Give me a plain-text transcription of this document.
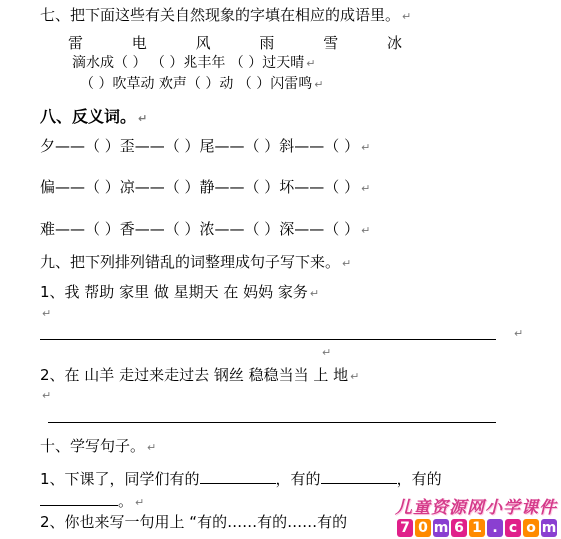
七、把下面这些有关自然现象的字填在相应的成语里。 ↵
雷	电	风	雨	雪	冰
滴水成（ ） （ ）兆丰年 （ ）过天晴 ↵
（ ）吹草动 欢声（ ）动 （ ）闪雷鸣 ↵
八、反义词。 ↵
夕——（ ）歪——（ ）尾——（ ）斜——（ ） ↵
偏——（ ）凉——（ ）静——（ ）坏——（ ） ↵
难——（ ）香——（ ）浓——（ ）深——（ ） ↵
九、把下列排列错乱的词整理成句子写下来。 ↵
1、我 帮助 家里 做 星期天 在 妈妈 家务 ↵
↵
↵
↵
2、在 山羊 走过来走过去 钢丝 稳稳当当 上 地 ↵
↵
十、学写句子。 ↵
1、下课了，同学们有的	，有的	，有的
。 ↵
2、你也来写一句用上 “有的……有的……有的
儿童资源网小学课件
7 0 m 6 1 . c o m
